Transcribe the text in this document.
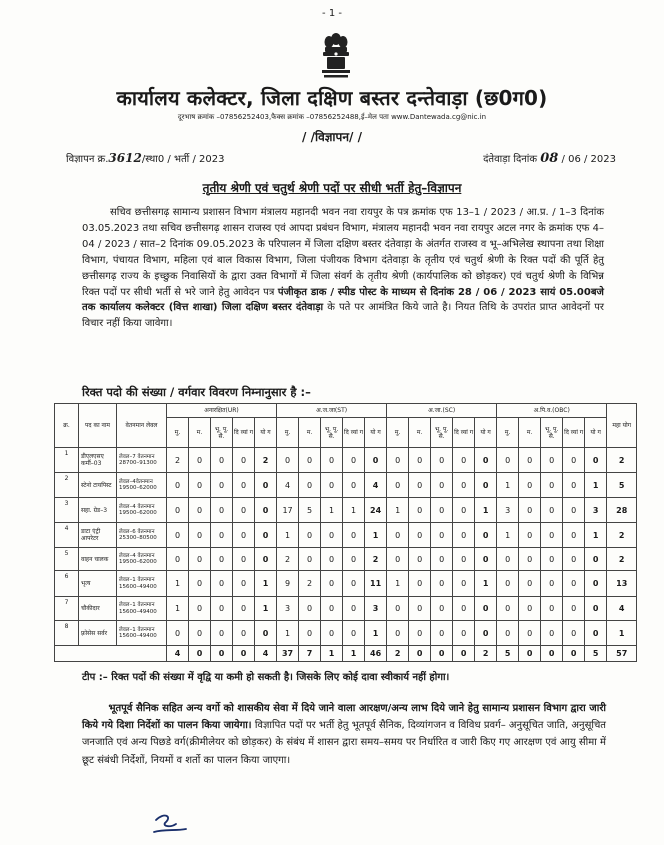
- 1 -
कार्यालय कलेक्टर, जिला दक्षिण बस्तर दन्तेवाड़ा (छ0ग0)
दूरभाष क्रमांक –07856252403,फैक्स क्रमांक –07856252488,ई–मेल पता www.Dantewada.cg@nic.in
/ /विज्ञापन/ /
विज्ञापन क्र.3612/स्था0 / भर्ती / 2023	दंतेवाड़ा दिनांक 08 / 06 / 2023
तृतीय श्रेणी एवं चतुर्थ श्रेणी पदों पर सीधी भर्ती हेतु–विज्ञापन
सचिव छत्तीसगढ़ सामान्य प्रशासन विभाग मंत्रालय महानदी भवन नवा रायपुर के पत्र क्रमांक एफ 13–1 / 2023 / आ.प्र. / 1–3 दिनांक 03.05.2023 तथा सचिव छत्तीसगढ़ शासन राजस्व एवं आपदा प्रबंधन विभाग, मंत्रालय महानदी भवन नवा रायपुर अटल नगर के क्रमांक एफ 4–04 / 2023 / सात–2 दिनांक 09.05.2023 के परिपालन में जिला दक्षिण बस्तर दंतेवाड़ा के अंतर्गत राजस्व व भू–अभिलेख स्थापना तथा शिक्षा विभाग, पंचायत विभाग, महिला एवं बाल विकास विभाग, जिला पंजीयक विभाग दंतेवाड़ा के तृतीय एवं चतुर्थ श्रेणी के रिक्त पदों की पूर्ति हेतु छत्तीसगढ़ राज्य के इच्छुक निवासियों के द्वारा उक्त विभागों में जिला संवर्ग के तृतीय श्रेणी (कार्यपालिक को छोड़कर) एवं चतुर्थ श्रेणी के विभिन्न रिक्त पदों पर सीधी भर्ती से भरे जाने हेतु आवेदन पत्र पंजीकृत डाक / स्पीड पोस्ट के माध्यम से दिनांक 28 / 06 / 2023 सायं 05.00बजे तक कार्यालय कलेक्टर (वित्त शाखा) जिला दक्षिण बस्तर दंतेवाड़ा के पते पर आमंत्रित किये जाते है। नियत तिथि के उपरांत प्राप्त आवेदनों पर विचार नहीं किया जावेगा।
रिक्त पदो की संख्या / वर्गवार विवरण निम्नानुसार है :–
क्र.	पद का नाम	वेतनमान लेवल	अनारक्षित(UR)					अ.ज.जा(ST)					अ.जा.(SC)					अ.पि.व.(OBC)					महा योग
			मु.	म.	भू. पू. सै.	दि व्यां ग	यो ग	मु.	म.	भू. पू. सै.	दि व्यां ग	यो ग	मु.	म.	भू. पू. सै.	दि व्यां ग	यो ग	मु.	म.	भू. पू. सै.	दि व्यां ग	यो ग	
1	डीएलएसए कर्मी–03	लेवल–7 वेतनमान 28700–91300	2	0	0	0	2	0	0	0	0	0	0	0	0	0	0	0	0	0	0	0	2
2	स्टेनो टायपिस्ट	लेवल–4वेतनमान 19500–62000	0	0	0	0	0	4	0	0	0	4	0	0	0	0	0	1	0	0	0	1	5
3	सहा. ग्रेड–3	लेवल–4 वेतनमान 19500–62000	0	0	0	0	0	17	5	1	1	24	1	0	0	0	1	3	0	0	0	3	28
4	डाटा एंट्री आपरेटर	लेवल–6 वेतनमान 25300–80500	0	0	0	0	0	1	0	0	0	1	0	0	0	0	0	1	0	0	0	1	2
5	वाहन चालक	लेवल–4 वेतनमान 19500–62000	0	0	0	0	0	2	0	0	0	2	0	0	0	0	0	0	0	0	0	0	2
6	भृत्य	लेवल–1 वेतनमान 15600–49400	1	0	0	0	1	9	2	0	0	11	1	0	0	0	1	0	0	0	0	0	13
7	चौकीदार	लेवल–1 वेतनमान 15600–49400	1	0	0	0	1	3	0	0	0	3	0	0	0	0	0	0	0	0	0	0	4
8	फ़्रोसेस सर्वर	लेवल–1 वेतनमान 15600–49400	0	0	0	0	0	1	0	0	0	1	0	0	0	0	0	0	0	0	0	0	1
			4	0	0	0	4	37	7	1	1	46	2	0	0	0	2	5	0	0	0	5	57
टीप :– रिक्त पदों की संख्या में वृद्वि या कमी हो सकती है। जिसके लिए कोई दावा स्वीकार्य नहीं होगा।
भूतपूर्व सैनिक सहित अन्य वर्गो को शासकीय सेवा में दिये जाने वाला आरक्षण/अन्य लाभ दिये जाने हेतु सामान्य प्रशासन विभाग द्वारा जारी किये गये दिशा निर्देशों का पालन किया जायेगा। विज्ञापित पदों पर भर्ती हेतु भूतपूर्व सैनिक, दिव्यांगजन व विविध प्रवर्ग– अनुसूचित जाति, अनुसूचित जनजाति एवं अन्य पिछडे वर्ग(क्रीमीलेयर को छोड़कर) के संबंध में शासन द्वारा समय–समय पर निर्धारित व जारी किए गए आरक्षण एवं आयु सीमा में छूट संबंधी निर्देशों, नियमों व शर्तो का पालन किया जाएगा।
